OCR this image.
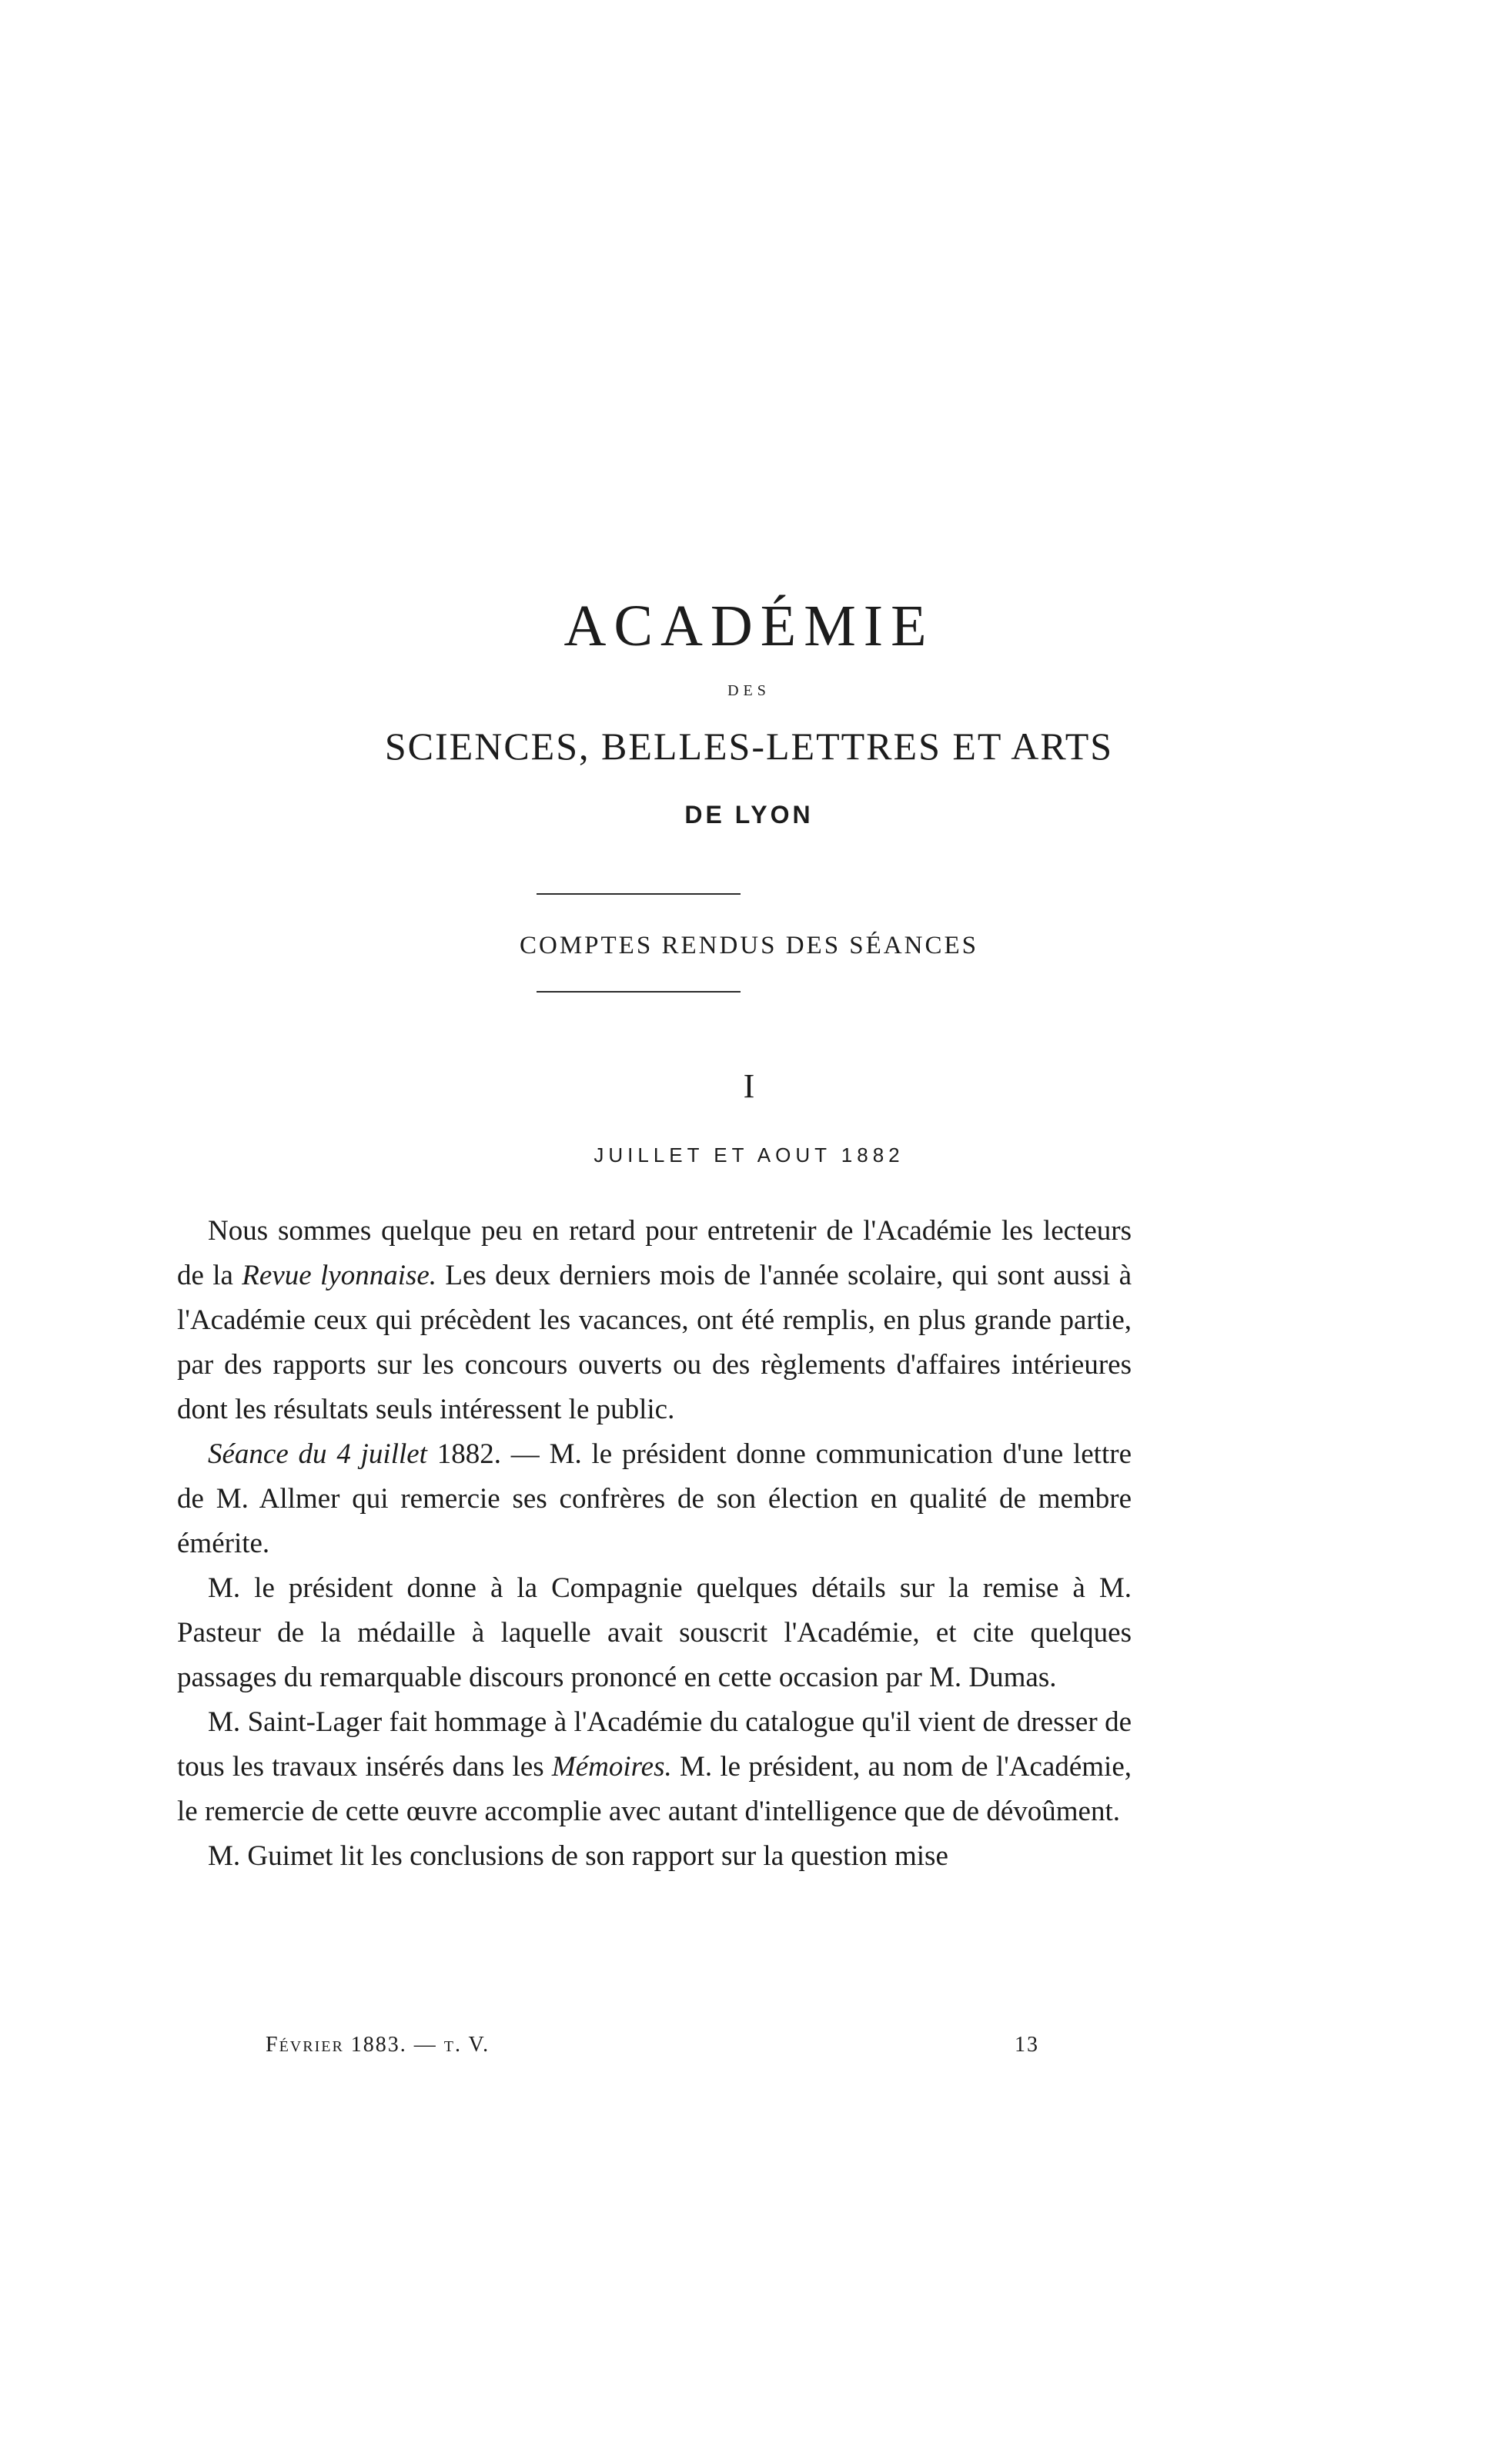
ACADÉMIE
DES
SCIENCES, BELLES-LETTRES ET ARTS
DE LYON
COMPTES RENDUS DES SÉANCES
I
JUILLET ET AOUT 1882

Nous sommes quelque peu en retard pour entretenir de l'Académie les lecteurs de la Revue lyonnaise. Les deux derniers mois de l'année scolaire, qui sont aussi à l'Académie ceux qui précèdent les vacances, ont été remplis, en plus grande partie, par des rapports sur les concours ouverts ou des règlements d'affaires intérieures dont les résultats seuls intéressent le public.

Séance du 4 juillet 1882. — M. le président donne communication d'une lettre de M. Allmer qui remercie ses confrères de son élection en qualité de membre émérite.

M. le président donne à la Compagnie quelques détails sur la remise à M. Pasteur de la médaille à laquelle avait souscrit l'Académie, et cite quelques passages du remarquable discours prononcé en cette occasion par M. Dumas.

M. Saint-Lager fait hommage à l'Académie du catalogue qu'il vient de dresser de tous les travaux insérés dans les Mémoires. M. le président, au nom de l'Académie, le remercie de cette œuvre accomplie avec autant d'intelligence que de dévoûment.

M. Guimet lit les conclusions de son rapport sur la question mise

Février 1883. — t. V.	13
